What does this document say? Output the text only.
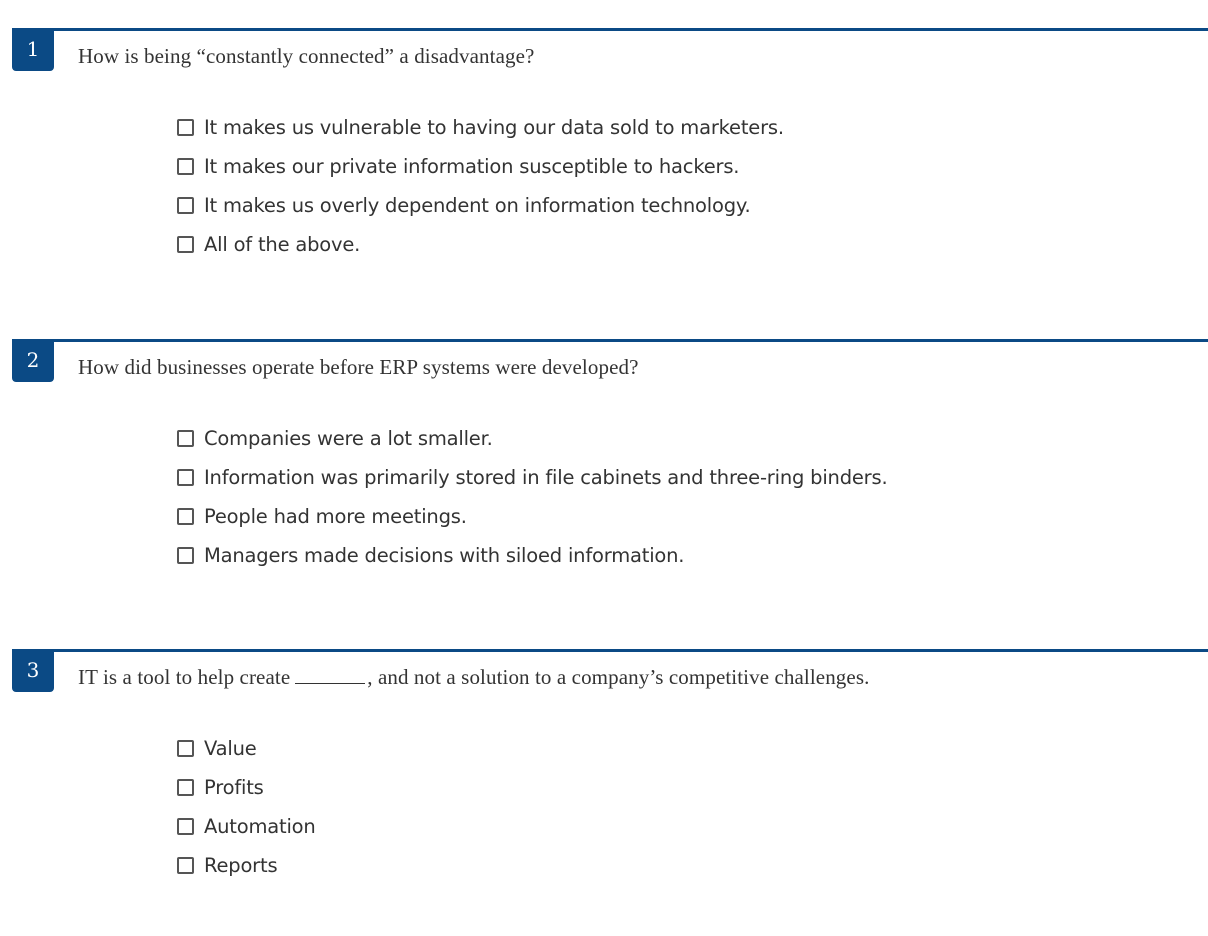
1	How is being “constantly connected” a disadvantage?
It makes us vulnerable to having our data sold to marketers.
It makes our private information susceptible to hackers.
It makes us overly dependent on information technology.
All of the above.
2	How did businesses operate before ERP systems were developed?
Companies were a lot smaller.
Information was primarily stored in file cabinets and three-ring binders.
People had more meetings.
Managers made decisions with siloed information.
3	IT is a tool to help create	, and not a solution to a company’s competitive challenges.
Value
Profits
Automation
Reports
